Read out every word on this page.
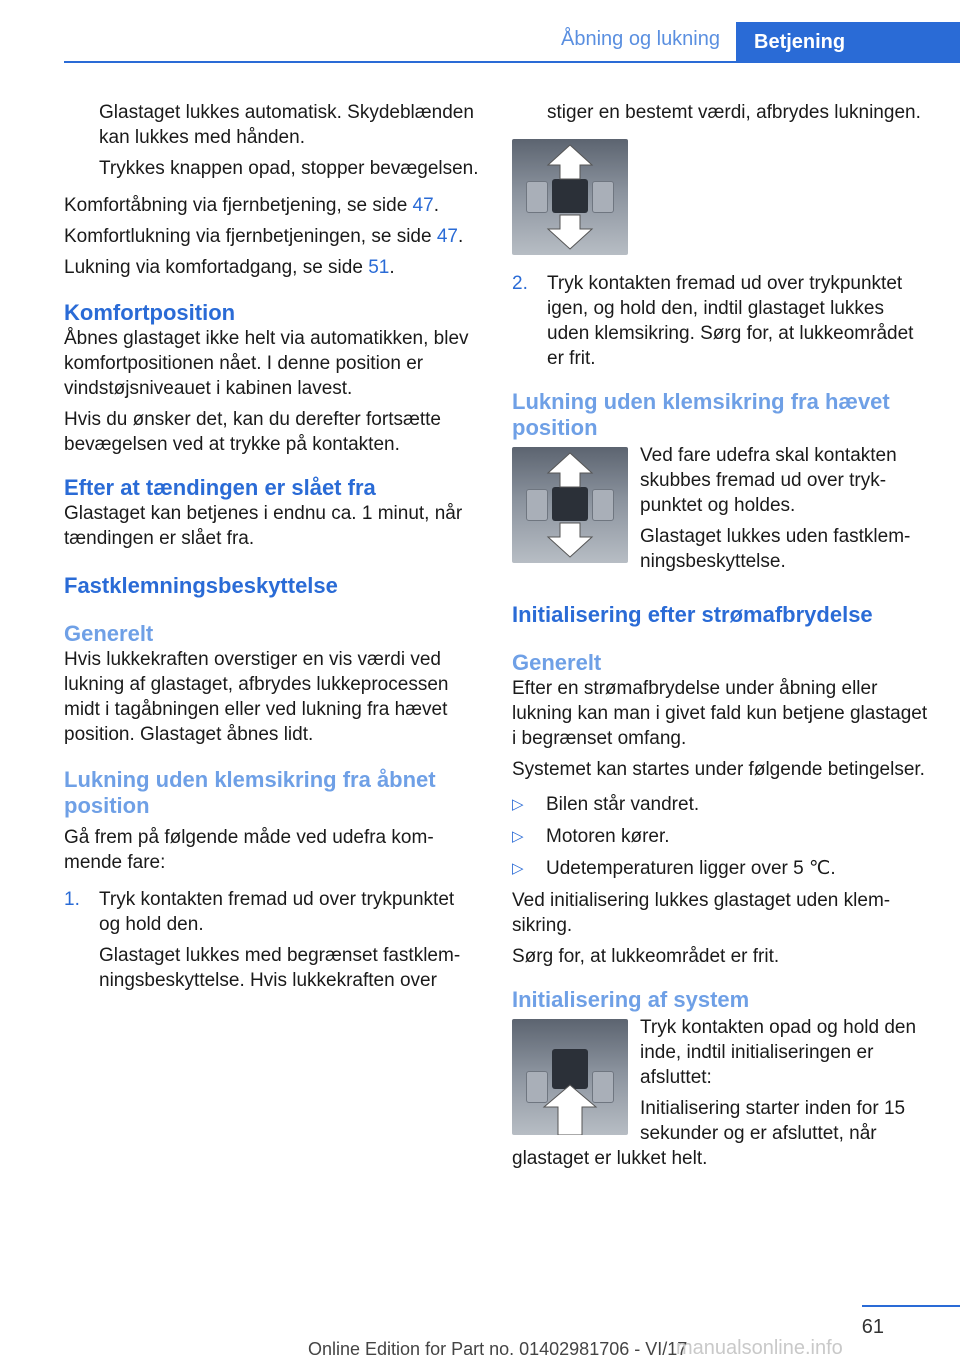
Åbning og lukning	Betjening

Glastaget lukkes automatisk. Skydeblænden kan lukkes med hånden.

Trykkes knappen opad, stopper bevægelsen.

Komfortåbning via fjernbetjening, se side 47.

Komfortlukning via fjernbetjeningen, se side 47.

Lukning via komfortadgang, se side 51.

Komfortposition

Åbnes glastaget ikke helt via automatikken, blev komfortpositionen nået. I denne position er vindstøjsniveauet i kabinen lavest.

Hvis du ønsker det, kan du derefter fortsætte bevægelsen ved at trykke på kontakten.

Efter at tændingen er slået fra

Glastaget kan betjenes i endnu ca. 1 minut, når tændingen er slået fra.

Fastklemningsbeskyttelse
Generelt

Hvis lukkekraften overstiger en vis værdi ved lukning af glastaget, afbrydes lukkeprocessen midt i tagåbningen eller ved lukning fra hævet position. Glastaget åbnes lidt.

Lukning uden klemsikring fra åbnet position

Gå frem på følgende måde ved udefra kommende fare:

1. Tryk kontakten fremad ud over trykpunktet og hold den.

Glastaget lukkes med begrænset fastklemningsbeskyttelse. Hvis lukkekraften over

stiger en bestemt værdi, afbrydes lukningen.

2. Tryk kontakten fremad ud over trykpunktet igen, og hold den, indtil glastaget lukkes uden klemsikring. Sørg for, at lukkeområdet er frit.

Lukning uden klemsikring fra hævet position

Ved fare udefra skal kontakten skubbes fremad ud over trykpunktet og holdes.

Glastaget lukkes uden fastklemningsbeskyttelse.

Initialisering efter strømafbrydelse
Generelt

Efter en strømafbrydelse under åbning eller lukning kan man i givet fald kun betjene glastaget i begrænset omfang.

Systemet kan startes under følgende betingelser.

▷ Bilen står vandret.
▷ Motoren kører.
▷ Udetemperaturen ligger over 5 ℃.

Ved initialisering lukkes glastaget uden klemsikring.

Sørg for, at lukkeområdet er frit.

Initialisering af system

Tryk kontakten opad og hold den inde, indtil initialiseringen er afsluttet:

Initialisering starter inden for 15 sekunder og er afsluttet, når glastaget er lukket helt.

61
Online Edition for Part no. 01402981706 - VI/17
manualsonline.info
